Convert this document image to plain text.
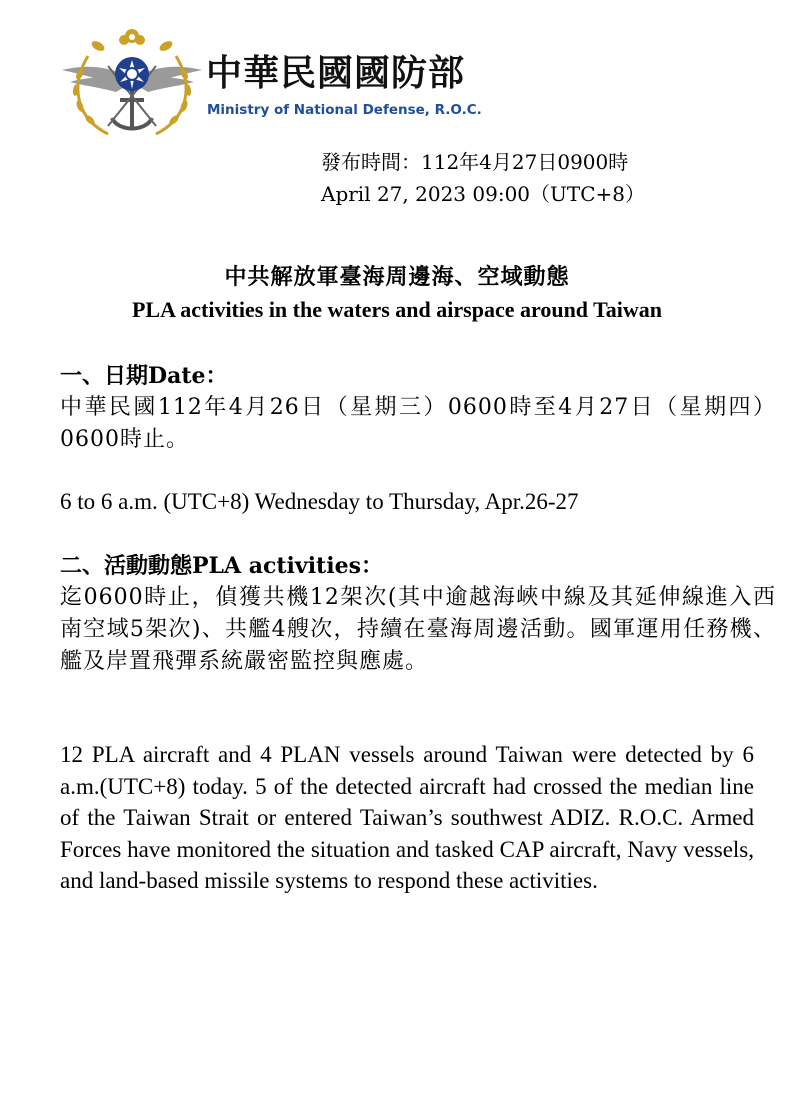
中華民國國防部
Ministry of National Defense, R.O.C.
發布時間：112年4月27日0900時
April 27, 2023 09:00（UTC+8）
中共解放軍臺海周邊海、空域動態
PLA activities in the waters and airspace around Taiwan
一、日期Date：
中華民國112年4月26日（星期三）0600時至4月27日（星期四）0600時止。
6 to 6 a.m. (UTC+8) Wednesday to Thursday, Apr.26-27
二、活動動態PLA activities：
迄0600時止，偵獲共機12架次(其中逾越海峽中線及其延伸線進入西南空域5架次)、共艦4艘次，持續在臺海周邊活動。國軍運用任務機、艦及岸置飛彈系統嚴密監控與應處。
12 PLA aircraft and 4 PLAN vessels around Taiwan were detected by 6 a.m.(UTC+8) today. 5 of the detected aircraft had crossed the median line of the Taiwan Strait or entered Taiwan’s southwest ADIZ. R.O.C. Armed Forces have monitored the situation and tasked CAP aircraft, Navy vessels, and land-based missile systems to respond these activities.
